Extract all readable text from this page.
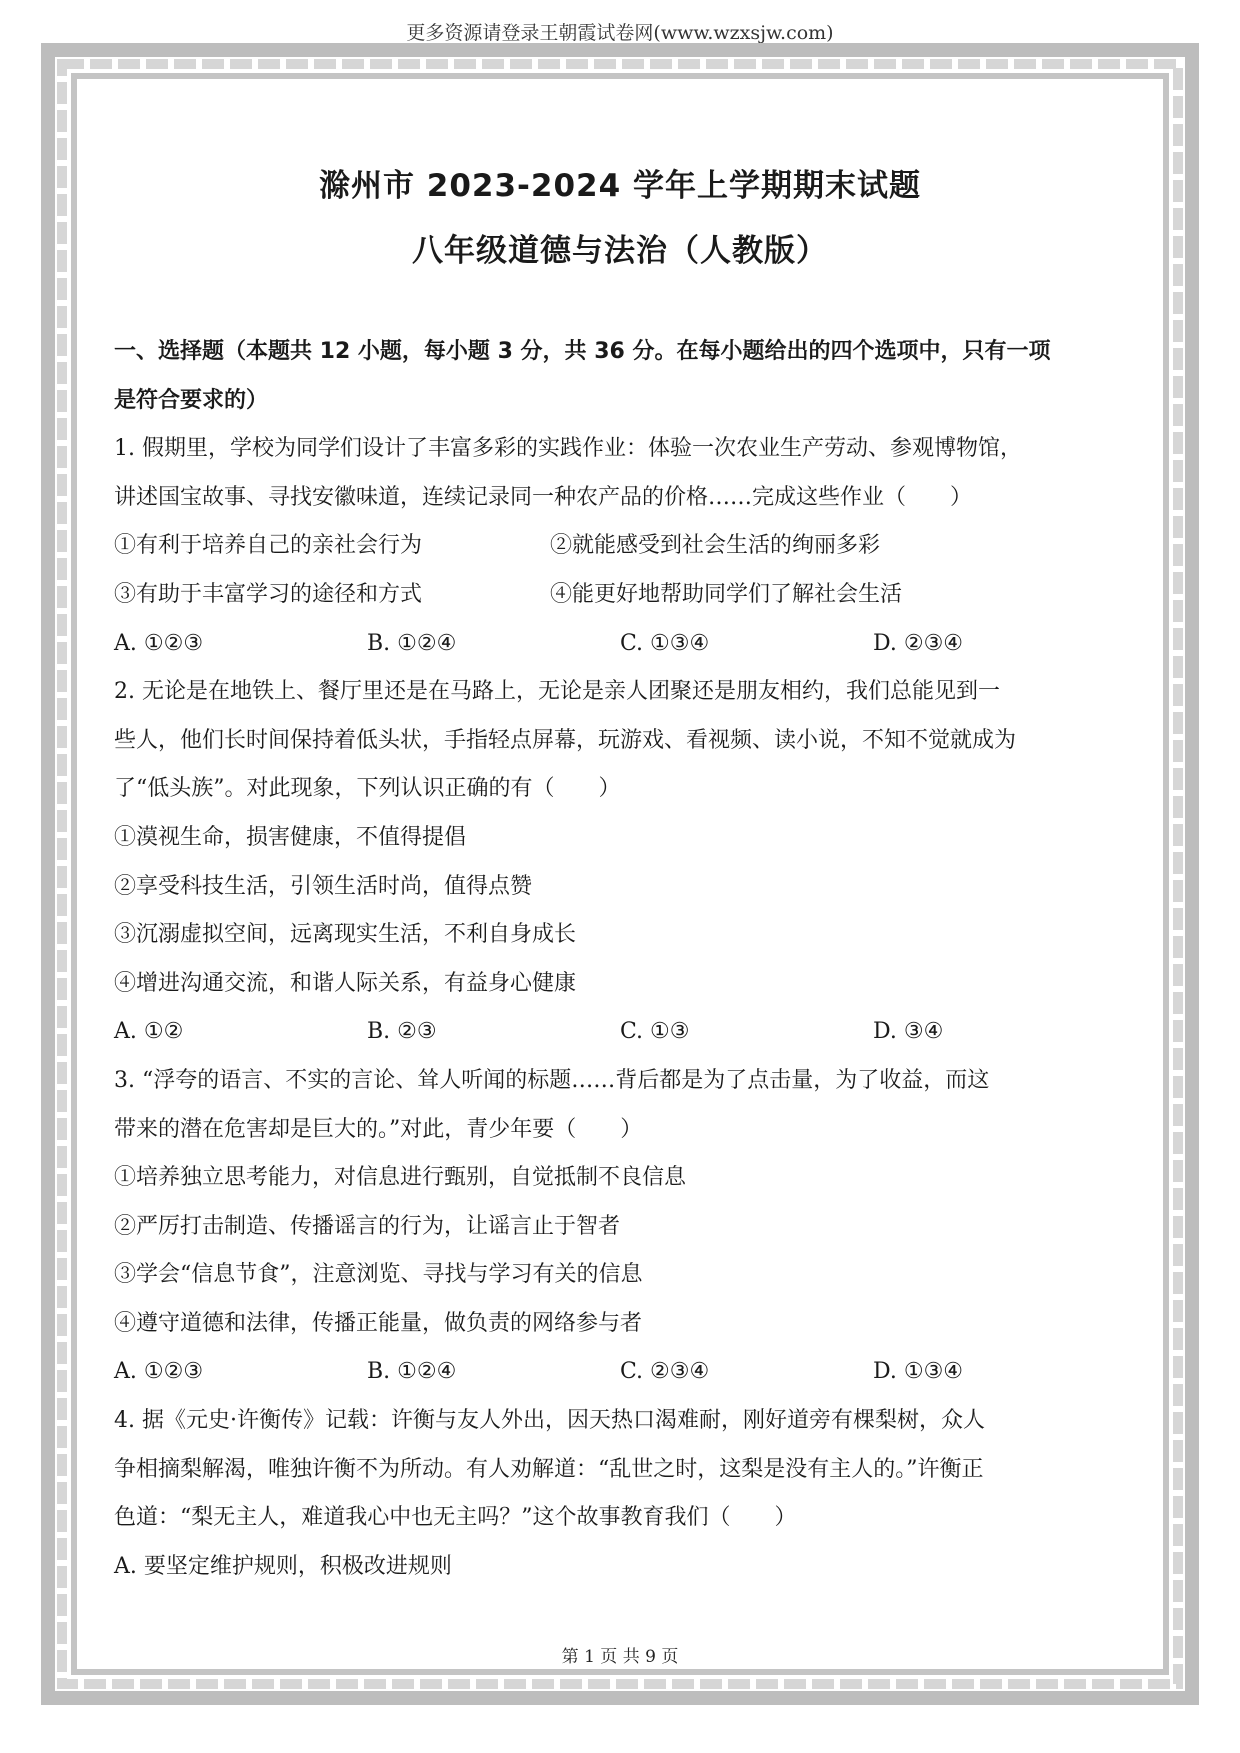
更多资源请登录王朝霞试卷网(www.wzxsjw.com)
滁州市 2023-2024 学年上学期期末试题
八年级道德与法治（人教版）
一、选择题（本题共 12 小题，每小题 3 分，共 36 分。在每小题给出的四个选项中，只有一项
是符合要求的）
1. 假期里，学校为同学们设计了丰富多彩的实践作业：体验一次农业生产劳动、参观博物馆，
讲述国宝故事、寻找安徽味道，连续记录同一种农产品的价格……完成这些作业（　　）
①有利于培养自己的亲社会行为	②就能感受到社会生活的绚丽多彩
③有助于丰富学习的途径和方式	④能更好地帮助同学们了解社会生活
A. ①②③	B. ①②④	C. ①③④	D. ②③④
2. 无论是在地铁上、餐厅里还是在马路上，无论是亲人团聚还是朋友相约，我们总能见到一
些人，他们长时间保持着低头状，手指轻点屏幕，玩游戏、看视频、读小说，不知不觉就成为
了“低头族”。对此现象，下列认识正确的有（　　）
①漠视生命，损害健康，不值得提倡
②享受科技生活，引领生活时尚，值得点赞
③沉溺虚拟空间，远离现实生活，不利自身成长
④增进沟通交流，和谐人际关系，有益身心健康
A. ①②	B. ②③	C. ①③	D. ③④
3. “浮夸的语言、不实的言论、耸人听闻的标题……背后都是为了点击量，为了收益，而这
带来的潜在危害却是巨大的。”对此，青少年要（　　）
①培养独立思考能力，对信息进行甄别，自觉抵制不良信息
②严厉打击制造、传播谣言的行为，让谣言止于智者
③学会“信息节食”，注意浏览、寻找与学习有关的信息
④遵守道德和法律，传播正能量，做负责的网络参与者
A. ①②③	B. ①②④	C. ②③④	D. ①③④
4. 据《元史·许衡传》记载：许衡与友人外出，因天热口渴难耐，刚好道旁有棵梨树，众人
争相摘梨解渴，唯独许衡不为所动。有人劝解道：“乱世之时，这梨是没有主人的。”许衡正
色道：“梨无主人，难道我心中也无主吗？”这个故事教育我们（　　）
A. 要坚定维护规则，积极改进规则
第 1 页 共 9 页
